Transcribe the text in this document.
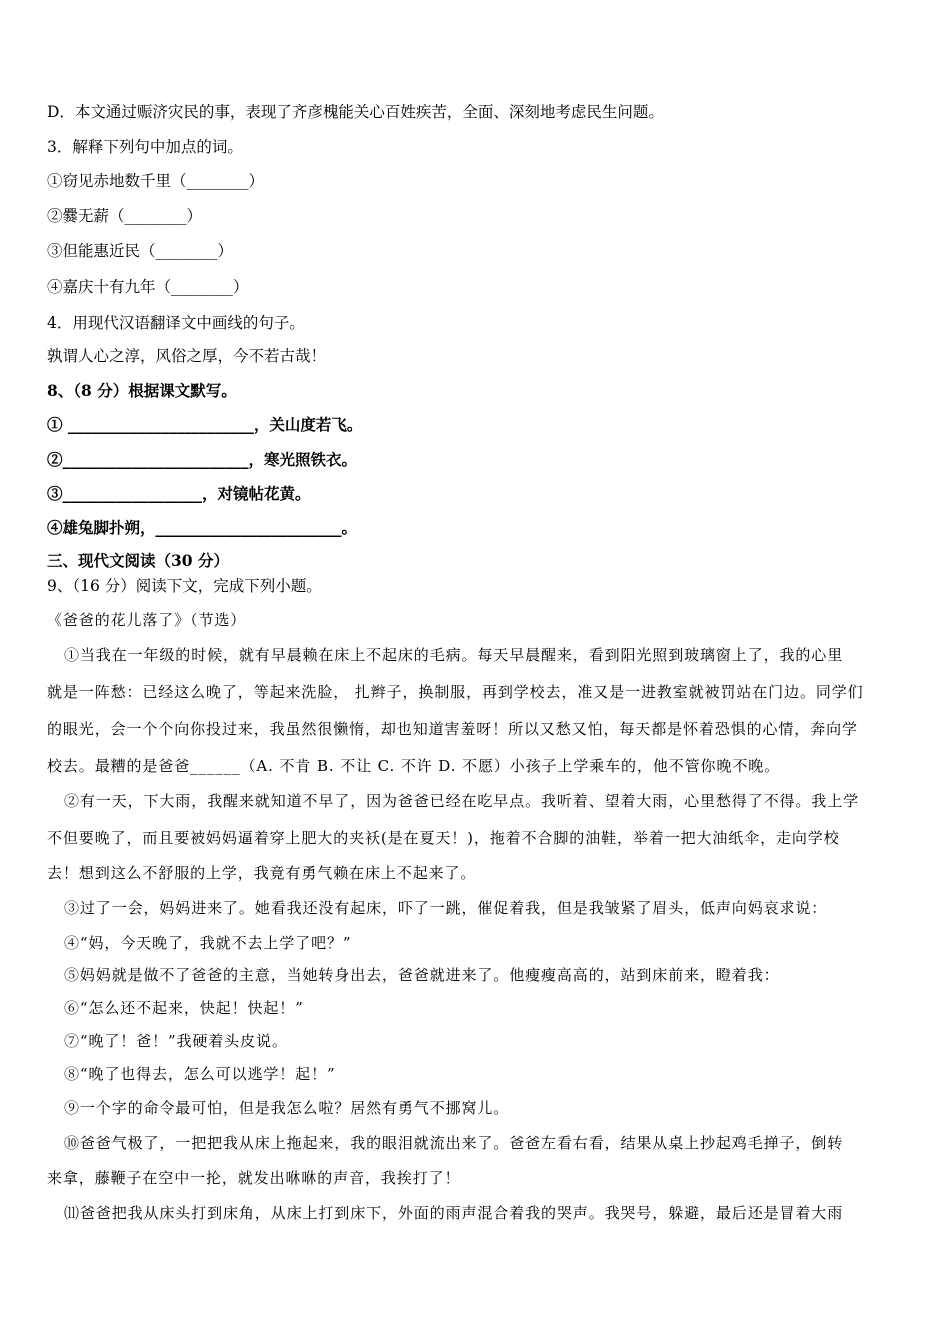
D．本文通过赈济灾民的事，表现了齐彦槐能关心百姓疾苦，全面、深刻地考虑民生问题。
3．解释下列句中加点的词。
①窃见赤地数千里（________）
②爨无薪（________）
③但能惠近民（________）
④嘉庆十有九年（________）
4．用现代汉语翻译文中画线的句子。
孰谓人心之淳，风俗之厚，今不若古哉！
8、（8 分）根据课文默写。
① ________________________，关山度若飞。
②________________________，寒光照铁衣。
③__________________，对镜帖花黄。
④雄兔脚扑朔，________________________。
三、现代文阅读（30 分）
9、（16 分）阅读下文，完成下列小题。
《爸爸的花儿落了》（节选）
①当我在一年级的时候，就有早晨赖在床上不起床的毛病。每天早晨醒来，看到阳光照到玻璃窗上了，我的心里
就是一阵愁：已经这么晚了，等起来洗脸， 扎辫子，换制服，再到学校去，准又是一进教室就被罚站在门边。同学们
的眼光，会一个个向你投过来，我虽然很懒惰，却也知道害羞呀！所以又愁又怕，每天都是怀着恐惧的心情，奔向学
校去。最糟的是爸爸______（A. 不肯 B. 不让 C. 不许 D. 不愿）小孩子上学乘车的，他不管你晚不晚。
②有一天，下大雨，我醒来就知道不早了，因为爸爸已经在吃早点。我听着、望着大雨，心里愁得了不得。我上学
不但要晚了，而且要被妈妈逼着穿上肥大的夹袄(是在夏天！)，拖着不合脚的油鞋，举着一把大油纸伞，走向学校
去！想到这么不舒服的上学，我竟有勇气赖在床上不起来了。
③过了一会，妈妈进来了。她看我还没有起床，吓了一跳，催促着我，但是我皱紧了眉头，低声向妈哀求说：
④“妈，今天晚了，我就不去上学了吧？”
⑤妈妈就是做不了爸爸的主意，当她转身出去，爸爸就进来了。他瘦瘦高高的，站到床前来，瞪着我：
⑥“怎么还不起来，快起！快起！”
⑦“晚了！爸！”我硬着头皮说。
⑧“晚了也得去，怎么可以逃学！起！”
⑨一个字的命令最可怕，但是我怎么啦？居然有勇气不挪窝儿。
⑩爸爸气极了，一把把我从床上拖起来，我的眼泪就流出来了。爸爸左看右看，结果从桌上抄起鸡毛掸子，倒转
来拿，藤鞭子在空中一抡，就发出咻咻的声音，我挨打了！
⑾爸爸把我从床头打到床角，从床上打到床下，外面的雨声混合着我的哭声。我哭号，躲避，最后还是冒着大雨
